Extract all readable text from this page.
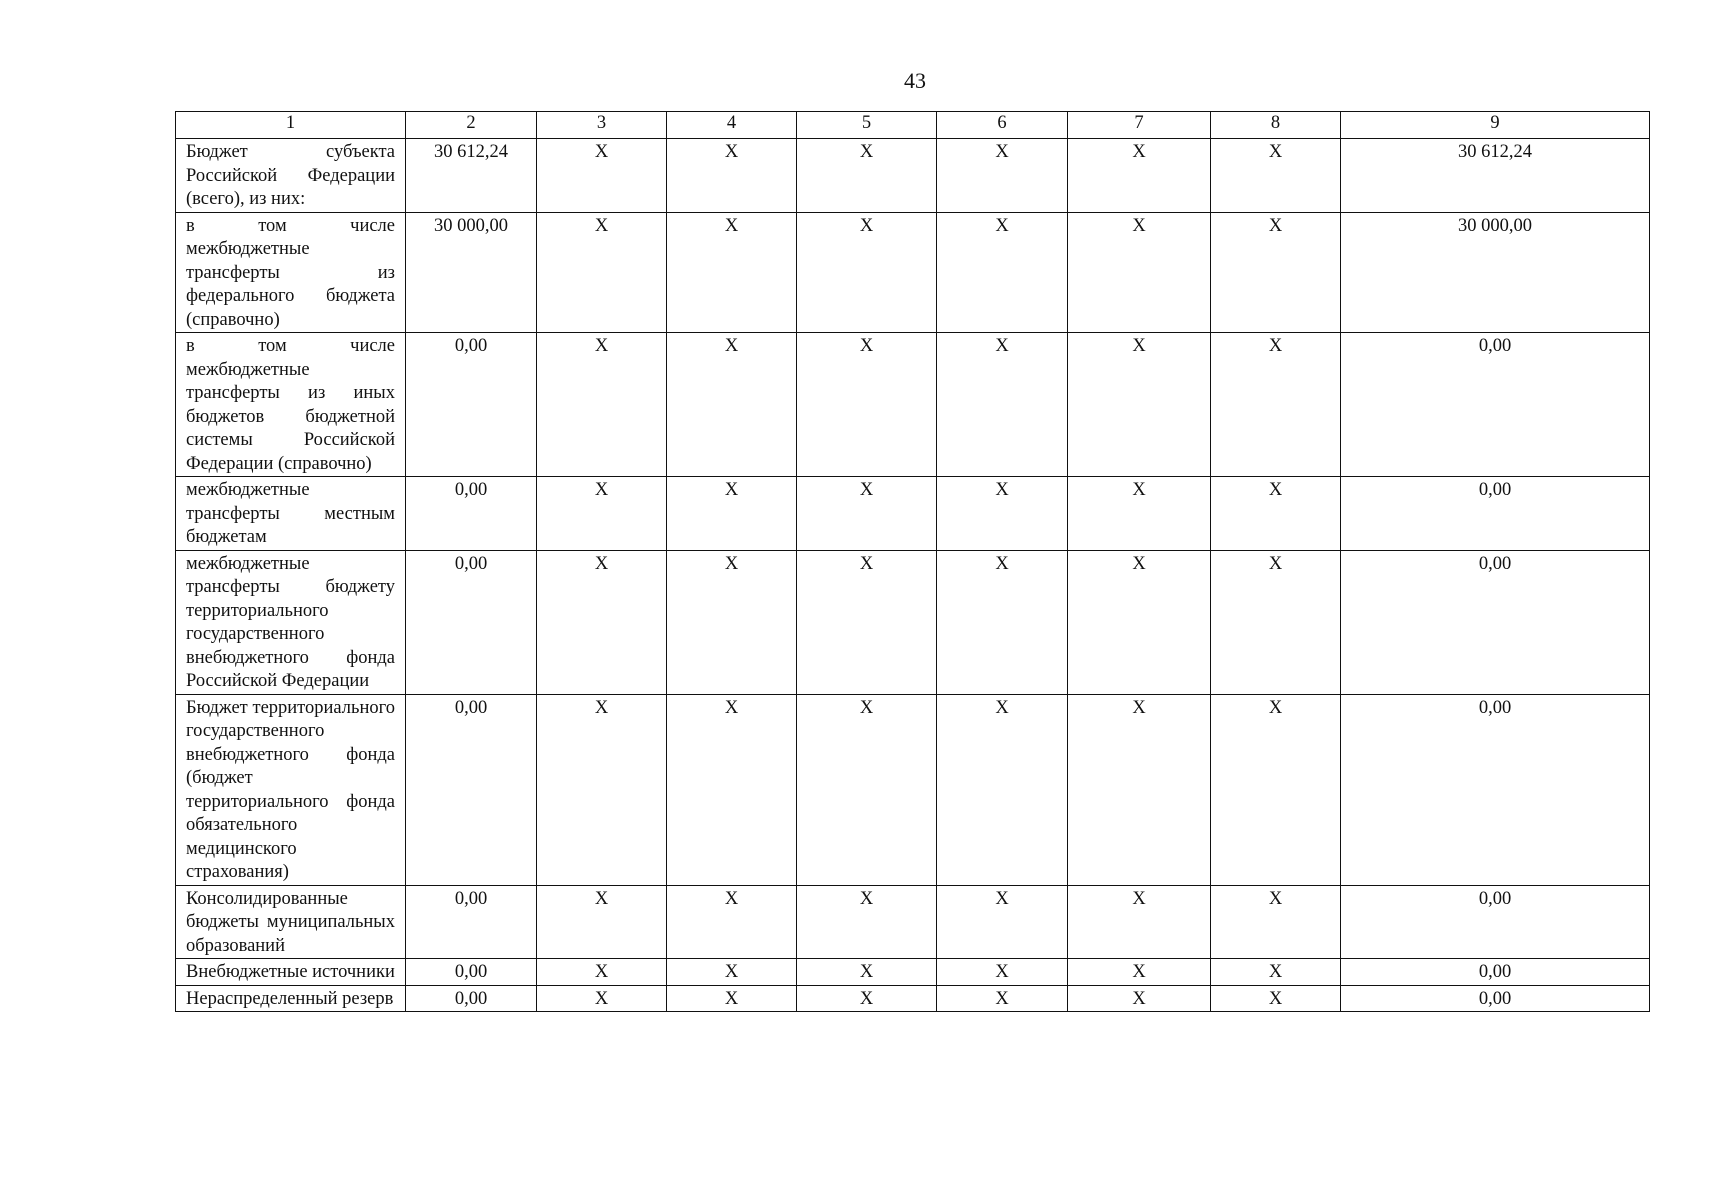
43
1	2	3	4	5	6	7	8	9
Бюджет субъекта Российской Федерации (всего), из них:	30 612,24	X	X	X	X	X	X	30 612,24
в том числе межбюджетные трансферты из федерального бюджета (справочно)	30 000,00	X	X	X	X	X	X	30 000,00
в том числе межбюджетные трансферты из иных бюджетов бюджетной системы Российской Федерации (справочно)	0,00	X	X	X	X	X	X	0,00
межбюджетные трансферты местным бюджетам	0,00	X	X	X	X	X	X	0,00
межбюджетные трансферты бюджету территориального государственного внебюджетного фонда Российской Федерации	0,00	X	X	X	X	X	X	0,00
Бюджет территориального государственного внебюджетного фонда (бюджет территориального фонда обязательного медицинского страхования)	0,00	X	X	X	X	X	X	0,00
Консолидированные бюджеты муниципальных образований	0,00	X	X	X	X	X	X	0,00
Внебюджетные источники	0,00	X	X	X	X	X	X	0,00
Нераспределенный резерв	0,00	X	X	X	X	X	X	0,00
